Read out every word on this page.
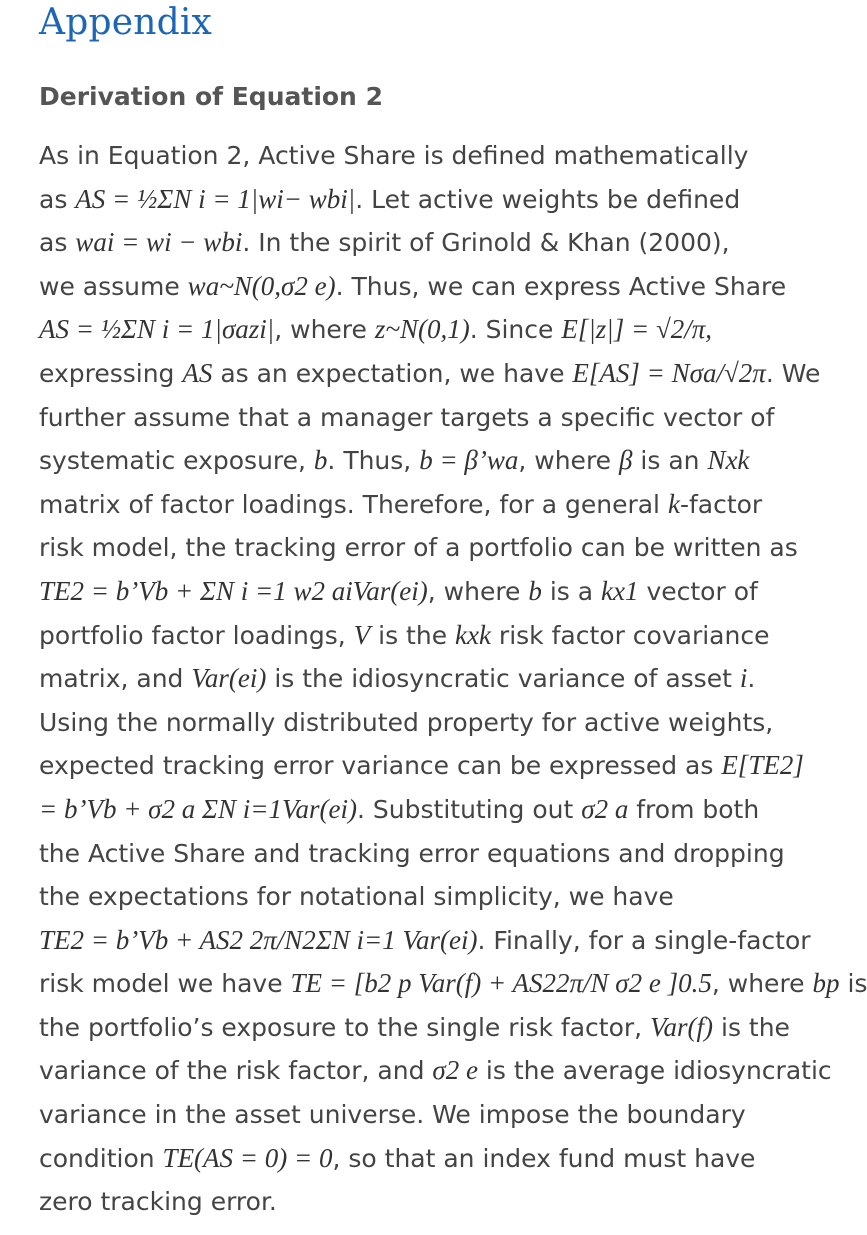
Appendix
Derivation of Equation 2
As in Equation 2, Active Share is defined mathematically
as AS = ½ΣN i = 1|wi− wbi|. Let active weights be defined
as wai = wi − wbi. In the spirit of Grinold & Khan (2000),
we assume wa~N(0,σ2 e). Thus, we can express Active Share
AS = ½ΣN i = 1|σazi|, where z~N(0,1). Since E[|z|] = √2/π,
expressing AS as an expectation, we have E[AS] = Nσa/√2π. We
further assume that a manager targets a specific vector of
systematic exposure, b. Thus, b = β’wa, where β is an Nxk
matrix of factor loadings. Therefore, for a general k-factor
risk model, the tracking error of a portfolio can be written as
TE2 = b’Vb + ΣN i =1 w2 aiVar(ei), where b is a kx1 vector of
portfolio factor loadings, V is the kxk risk factor covariance
matrix, and Var(ei) is the idiosyncratic variance of asset i.
Using the normally distributed property for active weights,
expected tracking error variance can be expressed as E[TE2]
= b’Vb + σ2 a ΣN i=1Var(ei). Substituting out σ2 a from both
the Active Share and tracking error equations and dropping
the expectations for notational simplicity, we have
TE2 = b’Vb + AS2 2π/N2ΣN i=1 Var(ei). Finally, for a single-factor
risk model we have TE = [b2 p Var(f) + AS22π/N σ2 e ]0.5, where bp is
the portfolio’s exposure to the single risk factor, Var(f) is the
variance of the risk factor, and σ2 e is the average idiosyncratic
variance in the asset universe. We impose the boundary
condition TE(AS = 0) = 0, so that an index fund must have
zero tracking error.
